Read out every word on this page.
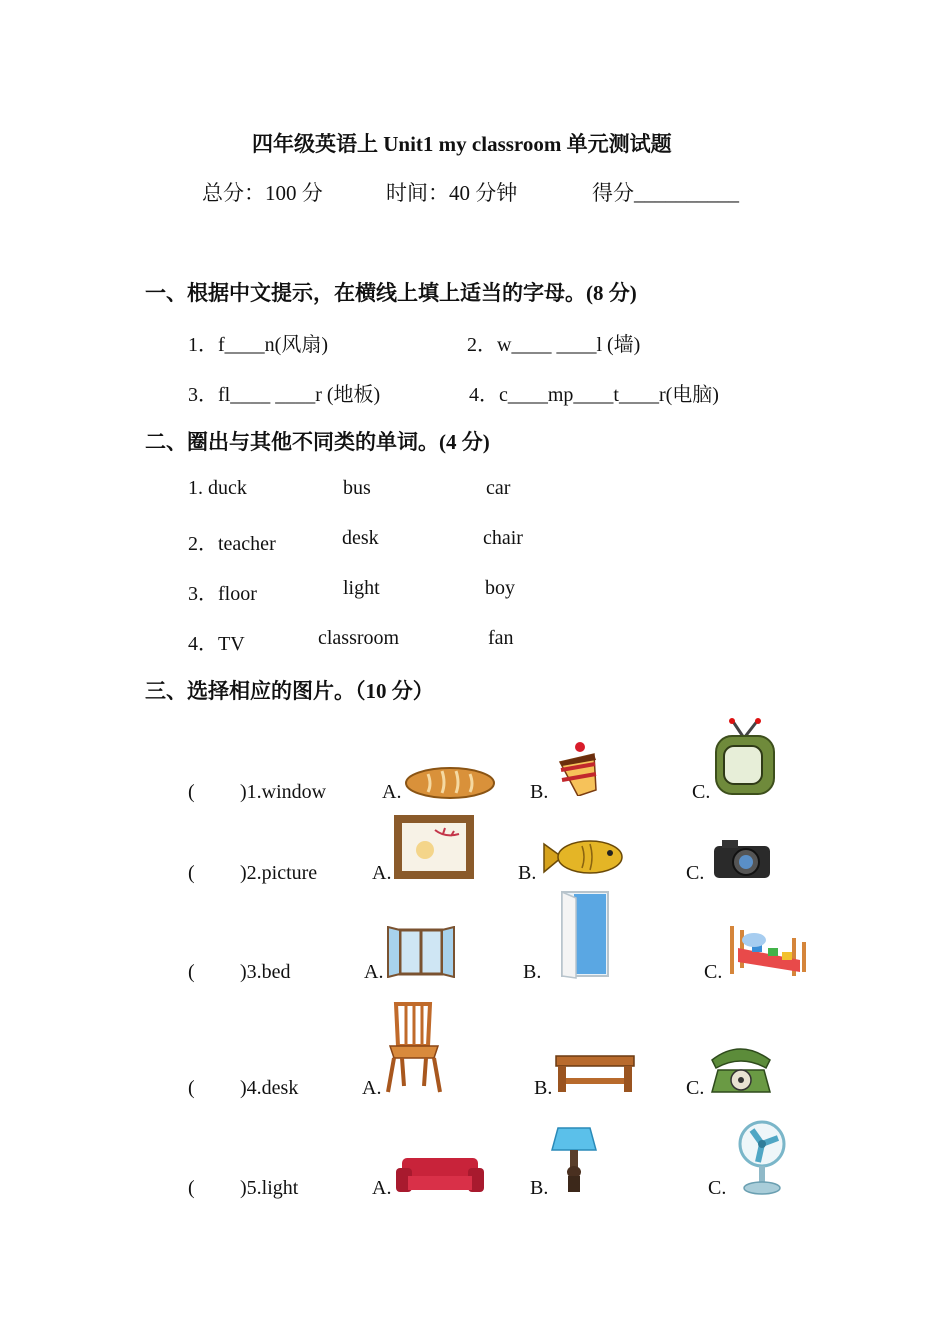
四年级英语上 Unit1 my classroom 单元测试题
总分：100 分	时间：40 分钟	得分__________
一、根据中文提示，在横线上填上适当的字母。(8 分)
1．f____n(风扇)	2．w____ ____l (墙)
3．fl____ ____r (地板)	4．c____mp____t____r(电脑)
二、圈出与其他不同类的单词。(4 分)
1. duck	bus	car
2．teacher	desk	chair
3．floor	light	boy
4．TV	classroom	fan
三、选择相应的图片。（10 分）
( )1.window	A.	B.	C.
( )2.picture	A.	B.	C.
( )3.bed	A.	B.	C.
( )4.desk	A.	B.	C.
( )5.light	A.	B.	C.
